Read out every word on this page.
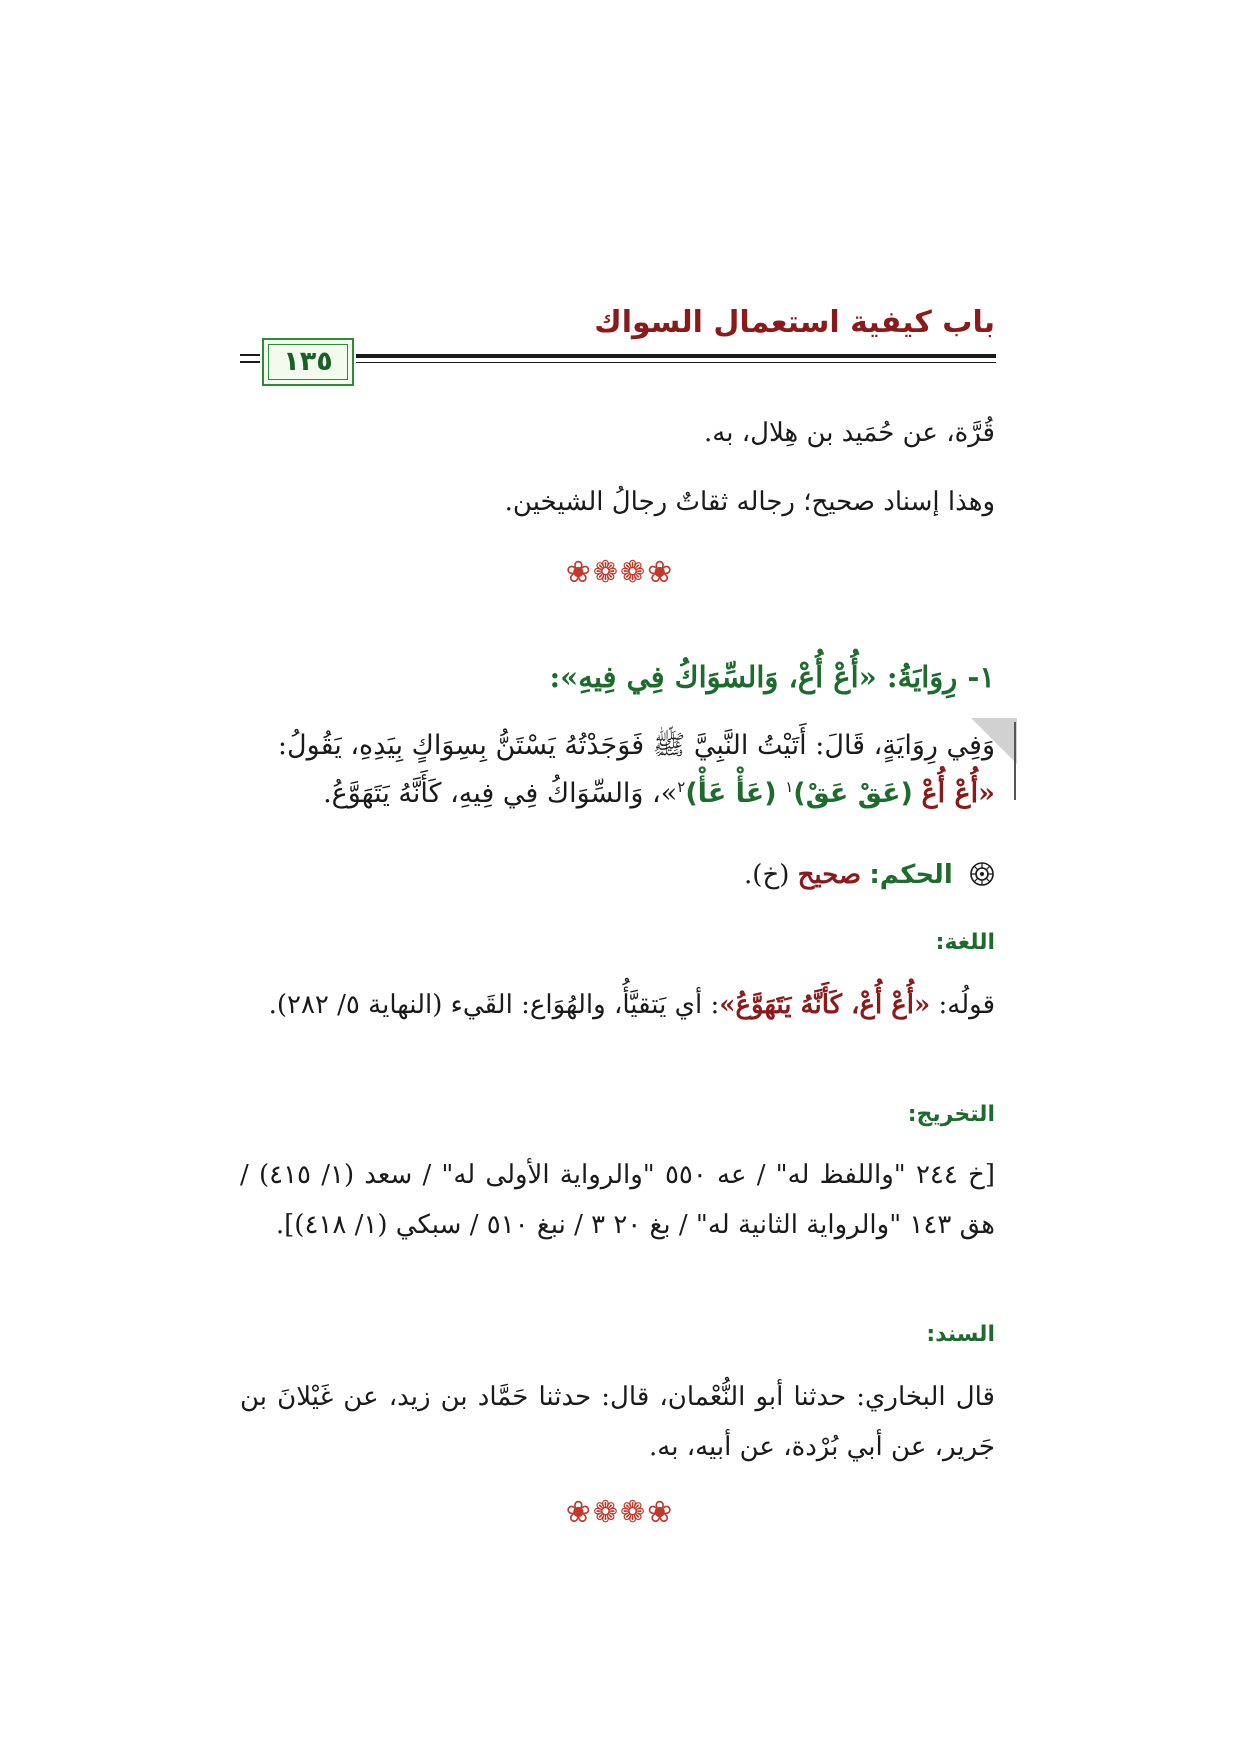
باب كيفية استعمال السواك
١٣٥
قُرَّة، عن حُمَيد بن هِلال، به.
وهذا إسناد صحيح؛ رجاله ثقاتٌ رجالُ الشيخين.
❀❁❁❀
١- رِوَايَةُ: «أُعْ أُعْ، وَالسِّوَاكُ فِي فِيهِ»:
وَفِي رِوَايَةٍ، قَالَ: أَتَيْتُ النَّبِيَّ ﷺ فَوَجَدْتُهُ يَسْتَنُّ بِسِوَاكٍ بِيَدِهِ، يَقُولُ:
«أُعْ أُعْ (عَقْ عَقْ)$^١$ (عَأْ عَأْ)$^٢$»، وَالسِّوَاكُ فِي فِيهِ، كَأَنَّهُ يَتَهَوَّعُ.
الحكم: صحيح (خ).
اللغة:
قولُه: «أُعْ أُعْ، كَأَنَّهُ يَتَهَوَّعُ»: أي يَتقيَّأُ، والهُوَاع: القَيء (النهاية ٥/ ٢٨٢).
التخريج:
[خ ٢٤٤ "واللفظ له" / عه ٥٥٠ "والرواية الأولى له" / سعد (١/ ٤١٥) / هق ١٤٣ "والرواية الثانية له" / بغ ٢٠ ٣ / نبغ ٥١٠ / سبكي (١/ ٤١٨)].
السند:
قال البخاري: حدثنا أبو النُّعْمان، قال: حدثنا حَمَّاد بن زيد، عن غَيْلانَ بن جَرير، عن أبي بُرْدة، عن أبيه، به.
❀❁❁❀
